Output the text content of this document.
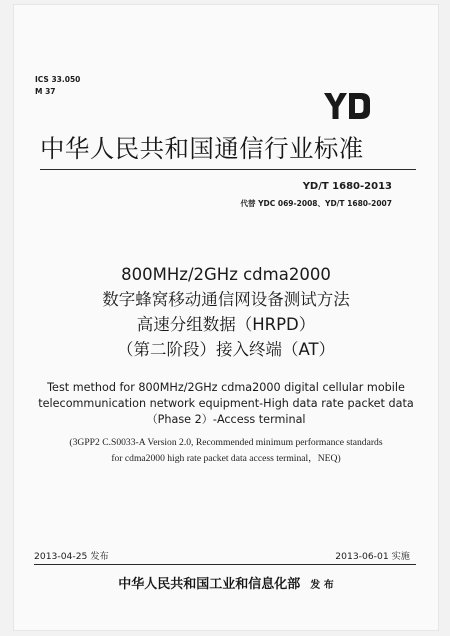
ICS 33.050
M 37
中华人民共和国通信行业标准
YD/T 1680-2013
代替 YDC 069-2008、YD/T 1680-2007
800MHz/2GHz cdma2000
数字蜂窝移动通信网设备测试方法
高速分组数据（HRPD）
（第二阶段）接入终端（AT）
Test method for 800MHz/2GHz cdma2000 digital cellular mobile
telecommunication network equipment-High data rate packet data
（Phase 2）-Access terminal
(3GPP2 C.S0033-A Version 2.0, Recommended minimum performance standards
for cdma2000 high rate packet data access terminal，NEQ)
2013-04-25 发布	2013-06-01 实施
中华人民共和国工业和信息化部 发 布
